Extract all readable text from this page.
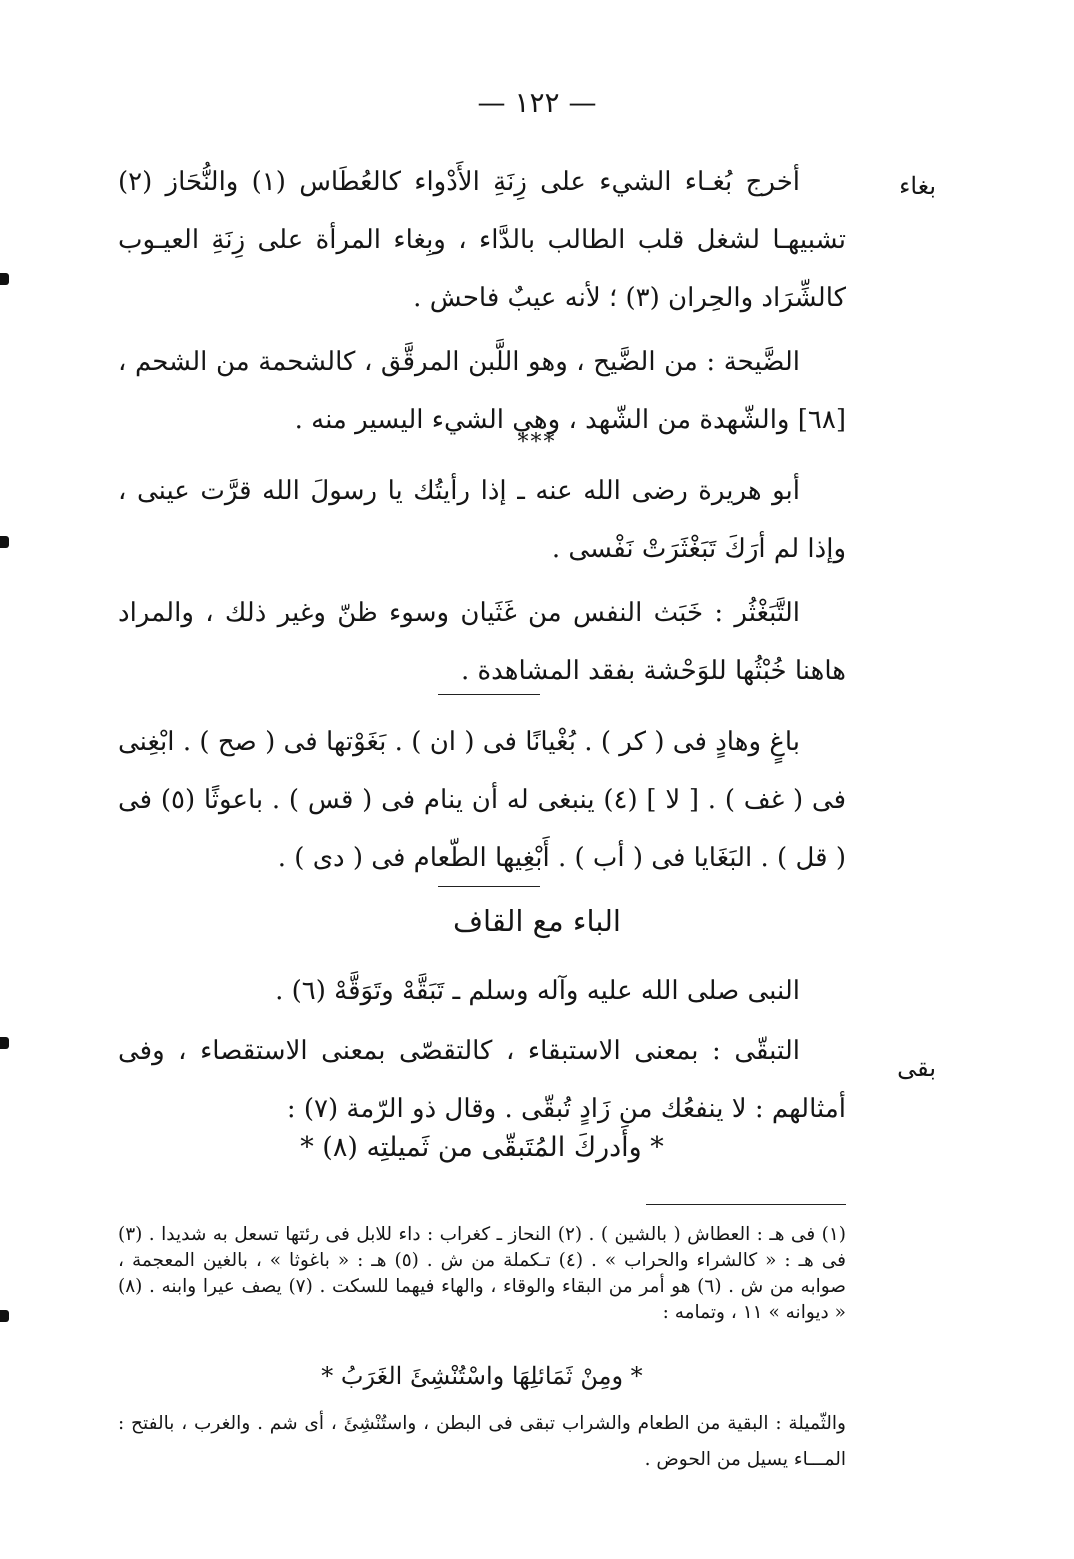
— ١٢٢ —
بغاء
أخرج بُغـاء الشيء على زِنَةِ الأَدْواء كالعُطَاس (١) والنُّحَاز (٢) تشبيهـا لشغل قلب الطالب بالدَّاء ، وبِغاء المرأة على زِنَةِ العيـوب كالشِّرَاد والحِران (٣) ؛ لأنه عيبٌ فاحش .
الضَّيحة : من الضَّيح ، وهو اللَّبن المرقَّق ، كالشحمة من الشحم ، [٦٨] والشّهدة من الشّهد ، وهي الشيء اليسير منه .
***
أبو هريرة رضى الله عنه ـ إذا رأيتُك يا رسولَ الله قرَّت عينى ، وإذا لم أرَكَ تَبَغْثَرَتْ نَفْسى .
التَّبَغْثُر : خَبَث النفس من غَثَيان وسوء ظنّ وغير ذلك ، والمراد هاهنا خُبْثُها للوَحْشة بفقد المشاهدة .
باغٍ وهادٍ فى ( كر ) . بُغْيانًا فى ( ان ) . بَغَوْتها فى ( صح ) . ابْغِنى فى ( غف ) . [ لا ] (٤) ينبغى له أن ينام فى ( قس ) . باعوثًا (٥) فى ( قل ) . البَغَايا فى ( أب ) . أَبْغِيها الطّعام فى ( دى ) .
الباء مع القاف
النبى صلى الله عليه وآله وسلم ـ تَبَقَّهْ وتَوَقَّهْ (٦) .
التبقّى : بمعنى الاستبقاء ، كالتقصّى بمعنى الاستقصاء ، وفى أمثالهم : لا ينفعُك من زَادٍ تُبقّى . وقال ذو الرّمة (٧) :
بقى
* وأَدركَ المُتَبقّى من ثَميلتِه (٨) *
(١) فى هـ : العطاش ( بالشين ) . (٢) النحاز ـ كغراب : داء للابل فى رئتها تسعل به شديدا . (٣) فى هـ : « كالشراء والحراب » . (٤) تـكملة من ش . (٥) هـ : « باغوثا » ، بالغين المعجمة ، صوابه من ش . (٦) هو أمر من البقاء والوقاء ، والهاء فيهما للسكت . (٧) يصف عيرا وابنه . (٨) « ديوانه » ١١ ، وتمامه :
* ومِنْ ثَمَائلِهَا واسْتُنْشِئَ الغَرَبُ *
والثّميلة : البقية من الطعام والشراب تبقى فى البطن ، واستُنْشِئَ ، أى شم . والغرب ، بالفتح : المـــاء يسيل من الحوض .
